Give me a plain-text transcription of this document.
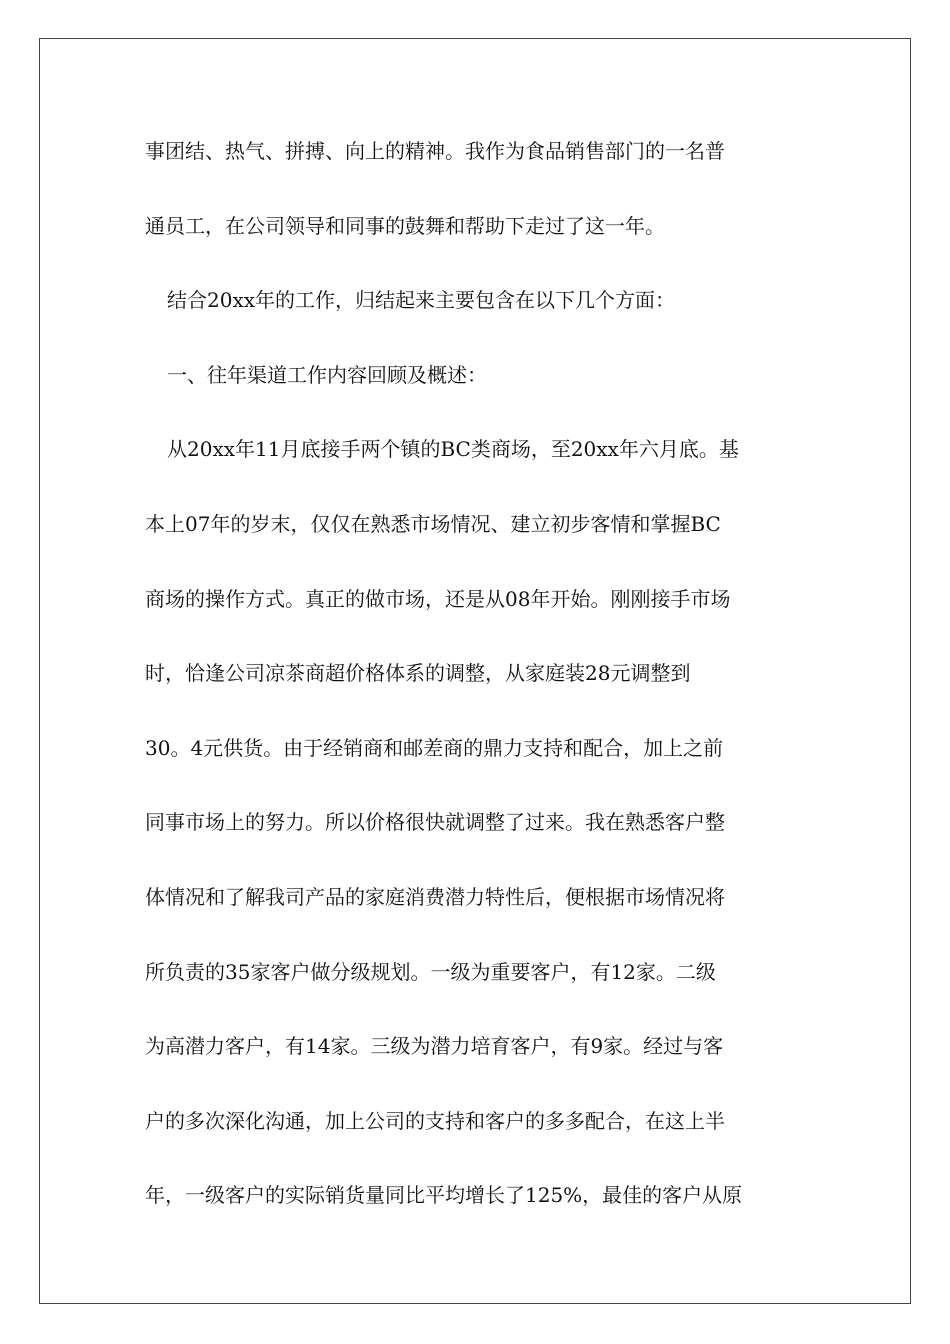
事团结、热气、拼搏、向上的精神。我作为食品销售部门的一名普
通员工，在公司领导和同事的鼓舞和帮助下走过了这一年。
结合20xx年的工作，归结起来主要包含在以下几个方面：
一、往年渠道工作内容回顾及概述：
从20xx年11月底接手两个镇的BC类商场，至20xx年六月底。基
本上07年的岁末，仅仅在熟悉市场情况、建立初步客情和掌握BC
商场的操作方式。真正的做市场，还是从08年开始。刚刚接手市场
时，恰逢公司凉茶商超价格体系的调整，从家庭装28元调整到
30。4元供货。由于经销商和邮差商的鼎力支持和配合，加上之前
同事市场上的努力。所以价格很快就调整了过来。我在熟悉客户整
体情况和了解我司产品的家庭消费潜力特性后，便根据市场情况将
所负责的35家客户做分级规划。一级为重要客户，有12家。二级
为高潜力客户，有14家。三级为潜力培育客户，有9家。经过与客
户的多次深化沟通，加上公司的支持和客户的多多配合，在这上半
年，一级客户的实际销货量同比平均增长了125%，最佳的客户从原
